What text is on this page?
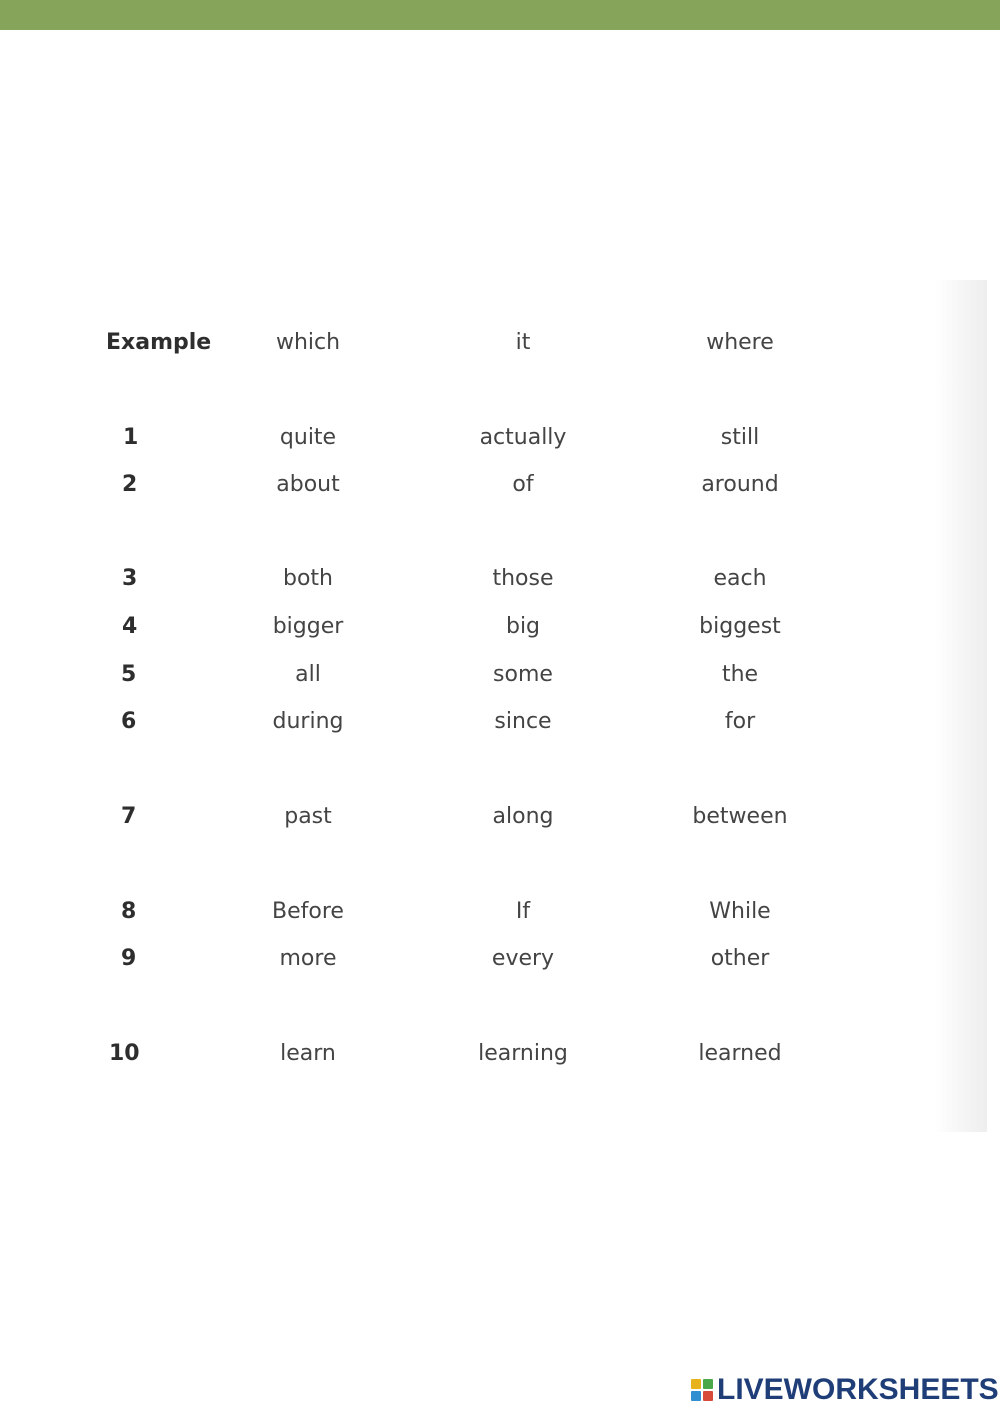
Example	which	it	where
1	quite	actually	still
2	about	of	around
3	both	those	each
4	bigger	big	biggest
5	all	some	the
6	during	since	for
7	past	along	between
8	Before	If	While
9	more	every	other
10	learn	learning	learned
LIVEWORKSHEETS
